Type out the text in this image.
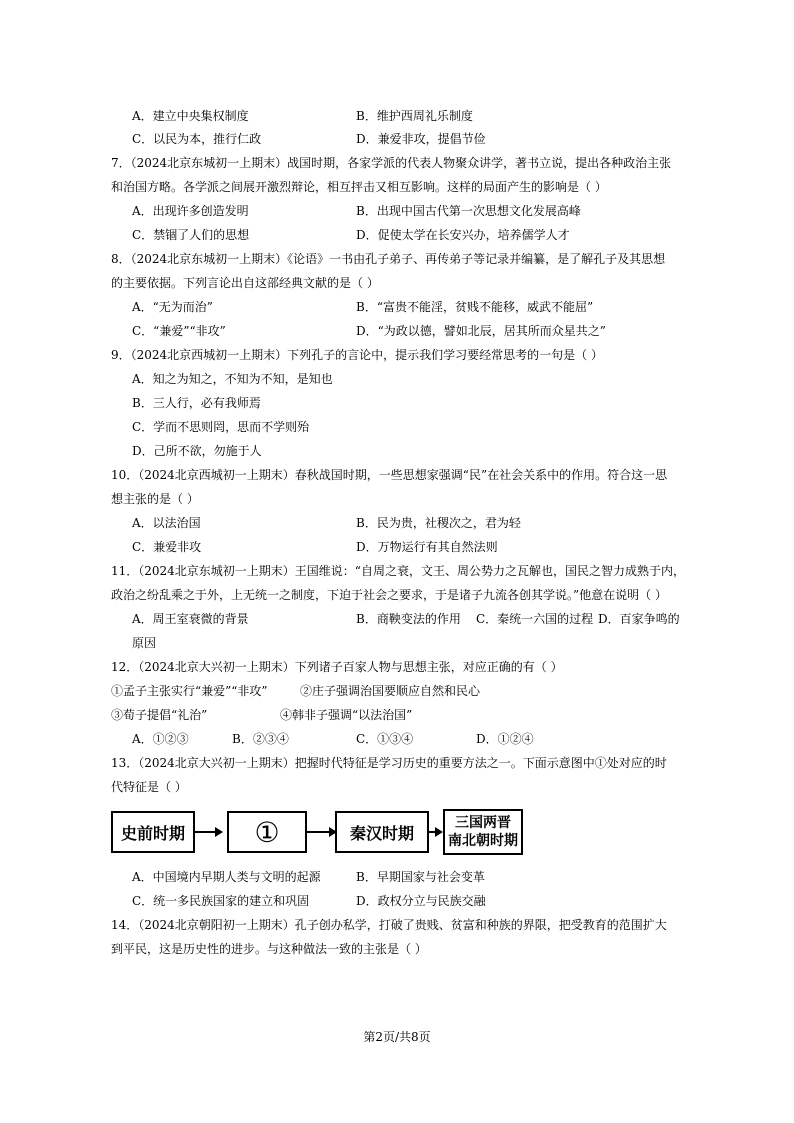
A．建立中央集权制度	B．维护西周礼乐制度
C．以民为本，推行仁政	D．兼爱非攻，提倡节俭
7．（2024北京东城初一上期末）战国时期，各家学派的代表人物聚众讲学，著书立说，提出各种政治主张
和治国方略。各学派之间展开激烈辩论，相互抨击又相互影响。这样的局面产生的影响是（ ）
A．出现许多创造发明	B．出现中国古代第一次思想文化发展高峰
C．禁锢了人们的思想	D．促使太学在长安兴办，培养儒学人才
8．（2024北京东城初一上期末）《论语》一书由孔子弟子、再传弟子等记录并编纂，是了解孔子及其思想
的主要依据。下列言论出自这部经典文献的是（ ）
A．“无为而治”	B．“富贵不能淫，贫贱不能移，威武不能屈”
C．“兼爱”“非攻”	D．“为政以德，譬如北辰，居其所而众星共之”
9．（2024北京西城初一上期末）下列孔子的言论中，提示我们学习要经常思考的一句是（ ）
A．知之为知之，不知为不知，是知也
B．三人行，必有我师焉
C．学而不思则罔，思而不学则殆
D．己所不欲，勿施于人
10．（2024北京西城初一上期末）春秋战国时期，一些思想家强调“民”在社会关系中的作用。符合这一思
想主张的是（ ）
A．以法治国	B．民为贵，社稷次之，君为轻
C．兼爱非攻	D．万物运行有其自然法则
11．（2024北京东城初一上期末）王国维说：“自周之衰，文王、周公势力之瓦解也，国民之智力成熟于内，
政治之纷乱乘之于外，上无统一之制度，下迫于社会之要求，于是诸子九流各创其学说。”他意在说明（ ）
A．周王室衰微的背景	B．商鞅变法的作用 C．秦统一六国的过程 D．百家争鸣的
原因
12．（2024北京大兴初一上期末）下列诸子百家人物与思想主张，对应正确的有（ ）
①孟子主张实行“兼爱”“非攻”	②庄子强调治国要顺应自然和民心
③荀子提倡“礼治”	④韩非子强调“以法治国”
A．①②③	B．②③④	C．①③④	D．①②④
13．（2024北京大兴初一上期末）把握时代特征是学习历史的重要方法之一。下面示意图中①处对应的时
代特征是（ ）
史前时期	①	秦汉时期
三国两晋
南北朝时期
A．中国境内早期人类与文明的起源	B．早期国家与社会变革
C．统一多民族国家的建立和巩固	D．政权分立与民族交融
14．（2024北京朝阳初一上期末）孔子创办私学，打破了贵贱、贫富和种族的界限，把受教育的范围扩大
到平民，这是历史性的进步。与这种做法一致的主张是（ ）
第2页/共8页
